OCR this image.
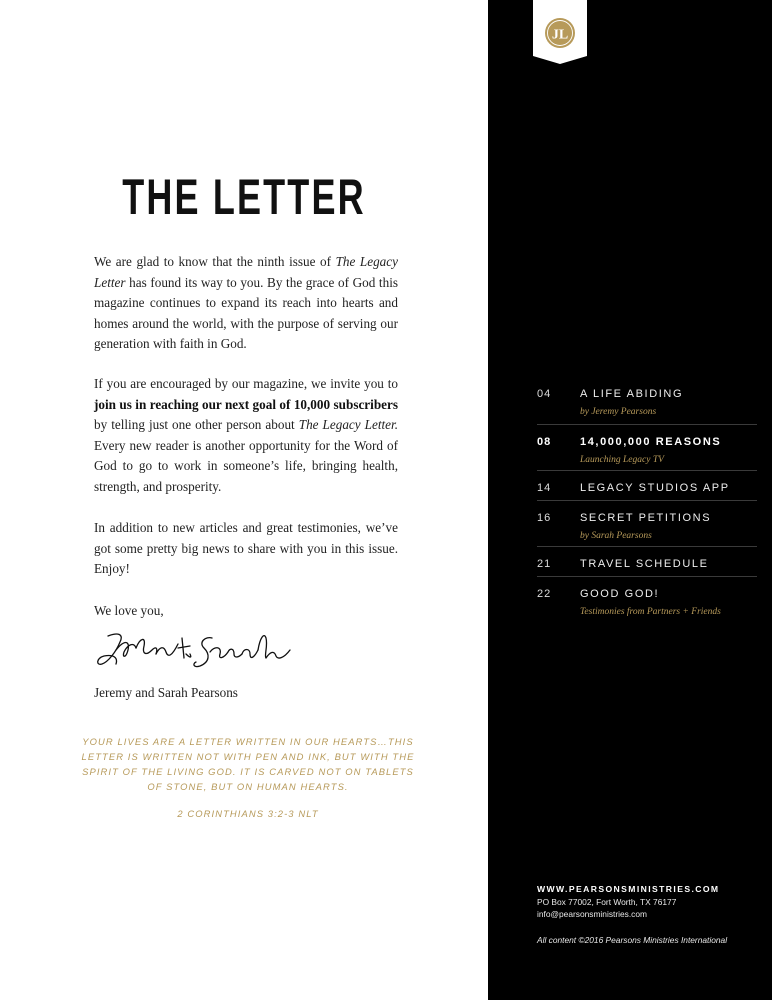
THE LETTER

We are glad to know that the ninth issue of The Legacy Letter has found its way to you. By the grace of God this magazine continues to expand its reach into hearts and homes around the world, with the purpose of serving our generation with faith in God.

If you are encouraged by our magazine, we invite you to join us in reaching our next goal of 10,000 subscribers by telling just one other person about The Legacy Letter. Every new reader is another opportunity for the Word of God to go to work in someone’s life, bringing health, strength, and prosperity.

In addition to new articles and great testimonies, we’ve got some pretty big news to share with you in this issue. Enjoy!

We love you,

Jeremy and Sarah Pearsons

YOUR LIVES ARE A LETTER WRITTEN IN OUR HEARTS…THIS LETTER IS WRITTEN NOT WITH PEN AND INK, BUT WITH THE SPIRIT OF THE LIVING GOD. IT IS CARVED NOT ON TABLETS OF STONE, BUT ON HUMAN HEARTS.

2 CORINTHIANS 3:2-3 NLT

JL
04	A LIFE ABIDING
by Jeremy Pearsons
08	14,000,000 REASONS
Launching Legacy TV
14	LEGACY STUDIOS APP
16	SECRET PETITIONS
by Sarah Pearsons
21	TRAVEL SCHEDULE
22	GOOD GOD!
Testimonies from Partners + Friends

WWW.PEARSONSMINISTRIES.COM

PO Box 77002, Fort Worth, TX 76177

info@pearsonsministries.com

All content ©2016 Pearsons Ministries International
